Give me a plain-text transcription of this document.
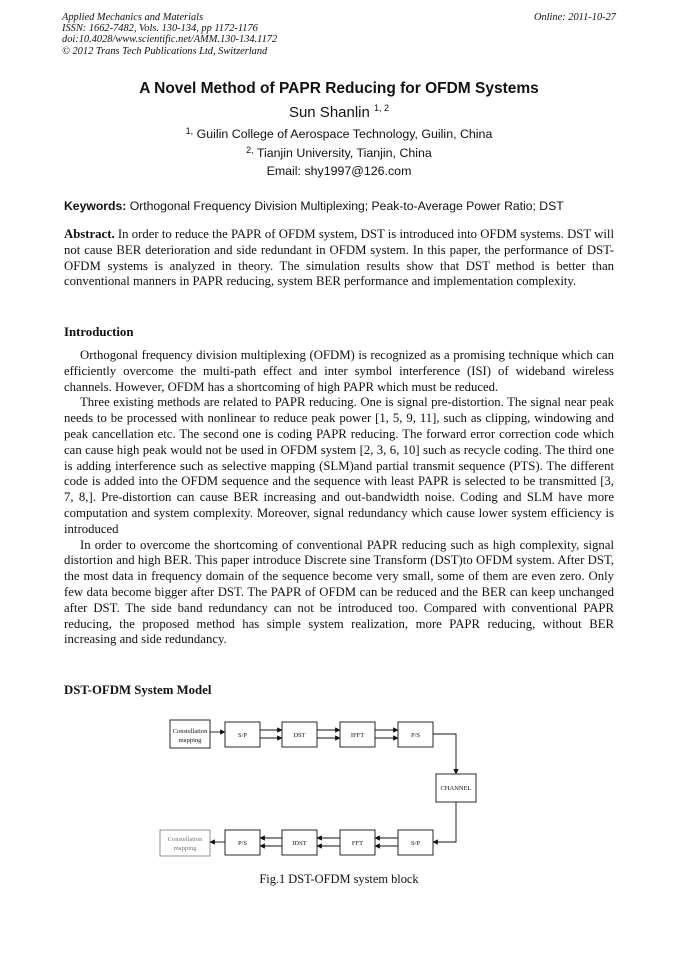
Applied Mechanics and Materials
ISSN: 1662-7482, Vols. 130-134, pp 1172-1176
doi:10.4028/www.scientific.net/AMM.130-134.1172
© 2012 Trans Tech Publications Ltd, Switzerland
Online: 2011-10-27
A Novel Method of PAPR Reducing for OFDM Systems
Sun Shanlin $^{1, 2}$
$^{1,}$ Guilin College of Aerospace Technology, Guilin, China
$^{2,}$ Tianjin University, Tianjin, China
Email: shy1997@126.com
Keywords: Orthogonal Frequency Division Multiplexing; Peak-to-Average Power Ratio; DST

Abstract. In order to reduce the PAPR of OFDM system, DST is introduced into OFDM systems. DST will not cause BER deterioration and side redundant in OFDM system. In this paper, the performance of DST-OFDM systems is analyzed in theory. The simulation results show that DST method is better than conventional manners in PAPR reducing, system BER performance and implementation complexity.

Introduction

Orthogonal frequency division multiplexing (OFDM) is recognized as a promising technique which can efficiently overcome the multi-path effect and inter symbol interference (ISI) of wideband wireless channels. However, OFDM has a shortcoming of high PAPR which must be reduced.

Three existing methods are related to PAPR reducing. One is signal pre-distortion. The signal near peak needs to be processed with nonlinear to reduce peak power [1, 5, 9, 11], such as clipping, windowing and peak cancellation etc. The second one is coding PAPR reducing. The forward error correction code which can cause high peak would not be used in OFDM system [2, 3, 6, 10] such as recycle coding. The third one is adding interference such as selective mapping (SLM)and partial transmit sequence (PTS). The different code is added into the OFDM sequence and the sequence with least PAPR is selected to be transmitted [3, 7, 8,]. Pre-distortion can cause BER increasing and out-bandwidth noise. Coding and SLM have more computation and system complexity. Moreover, signal redundancy which cause lower system efficiency is introduced

In order to overcome the shortcoming of conventional PAPR reducing such as high complexity, signal distortion and high BER. This paper introduce Discrete sine Transform (DST)to OFDM system. After DST, the most data in frequency domain of the sequence become very small, some of them are even zero. Only few data become bigger after DST. The PAPR of OFDM can be reduced and the BER can keep unchanged after DST. The side band redundancy can not be introduced too. Compared with conventional PAPR reducing, the proposed method has simple system realization, more PAPR reducing, without BER increasing and side redundancy.

DST-OFDM System Model
Constellation
mapping
S/P	DST	IFFT	P/S
CHANNEL
Constellation
mapping
P/S	IDST	FFT	S/P
Fig.1 DST-OFDM system block
